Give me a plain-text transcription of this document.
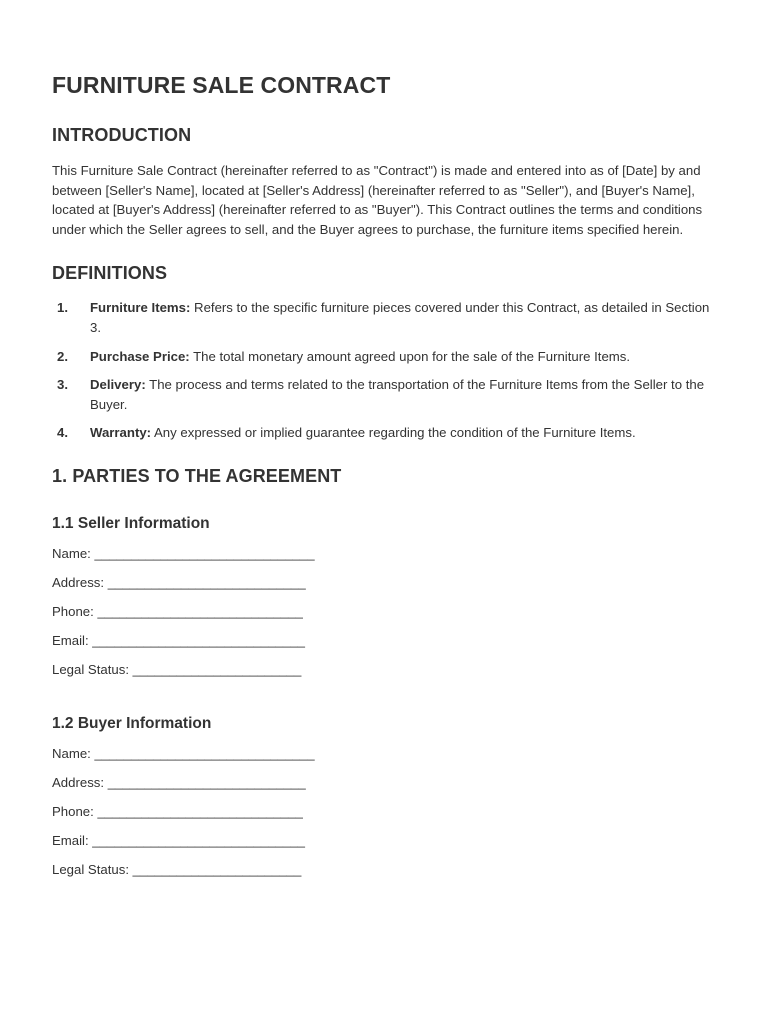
FURNITURE SALE CONTRACT
INTRODUCTION

This Furniture Sale Contract (hereinafter referred to as "Contract") is made and entered into as of [Date] by and between [Seller's Name], located at [Seller's Address] (hereinafter referred to as "Seller"), and [Buyer's Name], located at [Buyer's Address] (hereinafter referred to as "Buyer"). This Contract outlines the terms and conditions under which the Seller agrees to sell, and the Buyer agrees to purchase, the furniture items specified herein.

DEFINITIONS
1. Furniture Items: Refers to the specific furniture pieces covered under this Contract, as detailed in Section 3.
2. Purchase Price: The total monetary amount agreed upon for the sale of the Furniture Items.
3. Delivery: The process and terms related to the transportation of the Furniture Items from the Seller to the Buyer.
4. Warranty: Any expressed or implied guarantee regarding the condition of the Furniture Items.
1. PARTIES TO THE AGREEMENT
1.1 Seller Information
Name: ______________________________
Address: ___________________________
Phone: ____________________________
Email: _____________________________
Legal Status: _______________________
1.2 Buyer Information
Name: ______________________________
Address: ___________________________
Phone: ____________________________
Email: _____________________________
Legal Status: _______________________
